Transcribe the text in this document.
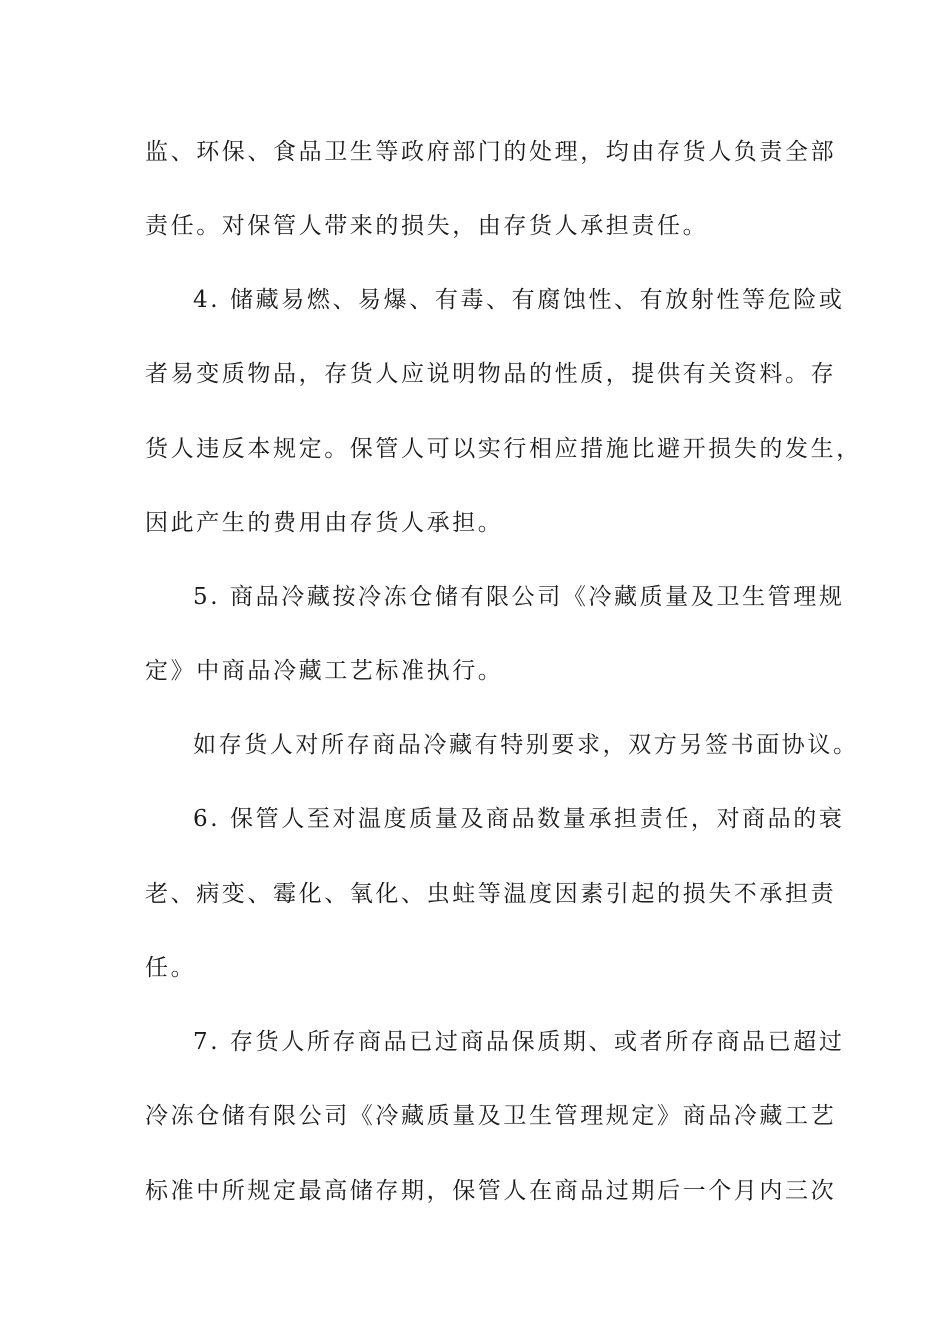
监、环保、食品卫生等政府部门的处理，均由存货人负责全部
责任。对保管人带来的损失，由存货人承担责任。
4. 储藏易燃、易爆、有毒、有腐蚀性、有放射性等危险或
者易变质物品，存货人应说明物品的性质，提供有关资料。存
货人违反本规定。保管人可以实行相应措施比避开损失的发生，
因此产生的费用由存货人承担。
5. 商品冷藏按冷冻仓储有限公司《冷藏质量及卫生管理规
定》中商品冷藏工艺标准执行。
如存货人对所存商品冷藏有特别要求，双方另签书面协议。
6. 保管人至对温度质量及商品数量承担责任，对商品的衰
老、病变、霉化、氧化、虫蛀等温度因素引起的损失不承担责
任。
7. 存货人所存商品已过商品保质期、或者所存商品已超过
冷冻仓储有限公司《冷藏质量及卫生管理规定》商品冷藏工艺
标准中所规定最高储存期，保管人在商品过期后一个月内三次
